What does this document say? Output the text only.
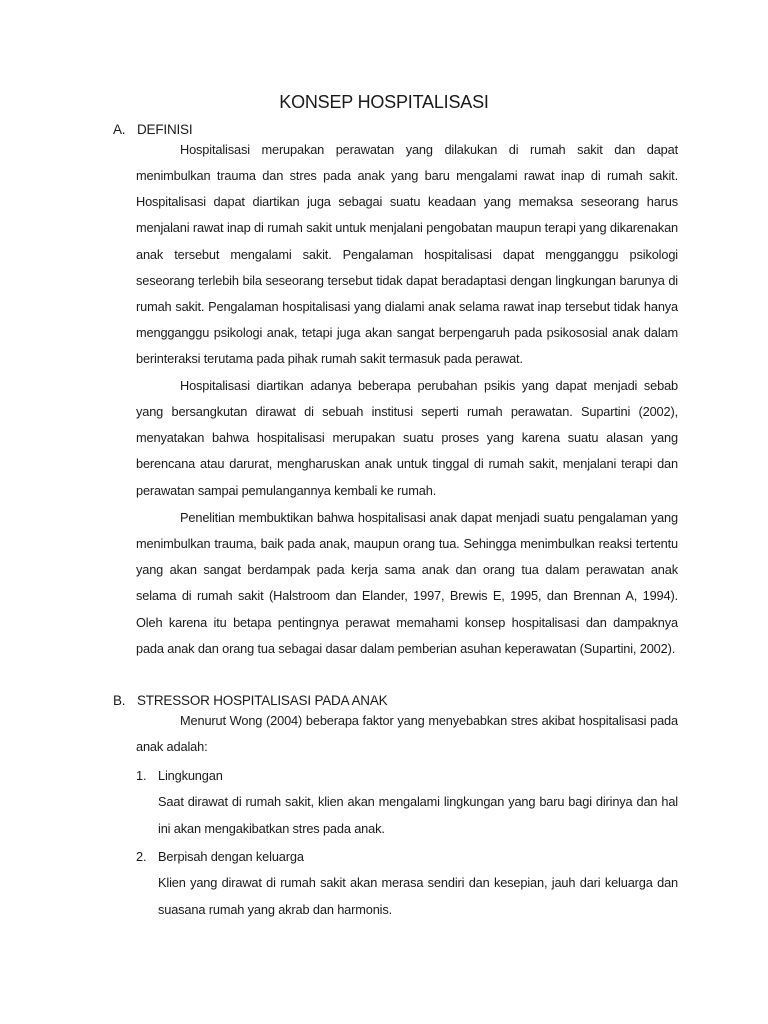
KONSEP HOSPITALISASI
A. DEFINISI

Hospitalisasi merupakan perawatan yang dilakukan di rumah sakit dan dapat menimbulkan trauma dan stres pada anak yang baru mengalami rawat inap di rumah sakit. Hospitalisasi dapat diartikan juga sebagai suatu keadaan yang memaksa seseorang harus menjalani rawat inap di rumah sakit untuk menjalani pengobatan maupun terapi yang dikarenakan anak tersebut mengalami sakit. Pengalaman hospitalisasi dapat mengganggu psikologi seseorang terlebih bila seseorang tersebut tidak dapat beradaptasi dengan lingkungan barunya di rumah sakit. Pengalaman hospitalisasi yang dialami anak selama rawat inap tersebut tidak hanya mengganggu psikologi anak, tetapi juga akan sangat berpengaruh pada psikososial anak dalam berinteraksi terutama pada pihak rumah sakit termasuk pada perawat.

Hospitalisasi diartikan adanya beberapa perubahan psikis yang dapat menjadi sebab yang bersangkutan dirawat di sebuah institusi seperti rumah perawatan. Supartini (2002), menyatakan bahwa hospitalisasi merupakan suatu proses yang karena suatu alasan yang berencana atau darurat, mengharuskan anak untuk tinggal di rumah sakit, menjalani terapi dan perawatan sampai pemulangannya kembali ke rumah.

Penelitian membuktikan bahwa hospitalisasi anak dapat menjadi suatu pengalaman yang menimbulkan trauma, baik pada anak, maupun orang tua. Sehingga menimbulkan reaksi tertentu yang akan sangat berdampak pada kerja sama anak dan orang tua dalam perawatan anak selama di rumah sakit (Halstroom dan Elander, 1997, Brewis E, 1995, dan Brennan A, 1994). Oleh karena itu betapa pentingnya perawat memahami konsep hospitalisasi dan dampaknya pada anak dan orang tua sebagai dasar dalam pemberian asuhan keperawatan (Supartini, 2002).

B. STRESSOR HOSPITALISASI PADA ANAK

Menurut Wong (2004) beberapa faktor yang menyebabkan stres akibat hospitalisasi pada anak adalah:

1. Lingkungan

Saat dirawat di rumah sakit, klien akan mengalami lingkungan yang baru bagi dirinya dan hal ini akan mengakibatkan stres pada anak.

2. Berpisah dengan keluarga

Klien yang dirawat di rumah sakit akan merasa sendiri dan kesepian, jauh dari keluarga dan suasana rumah yang akrab dan harmonis.
